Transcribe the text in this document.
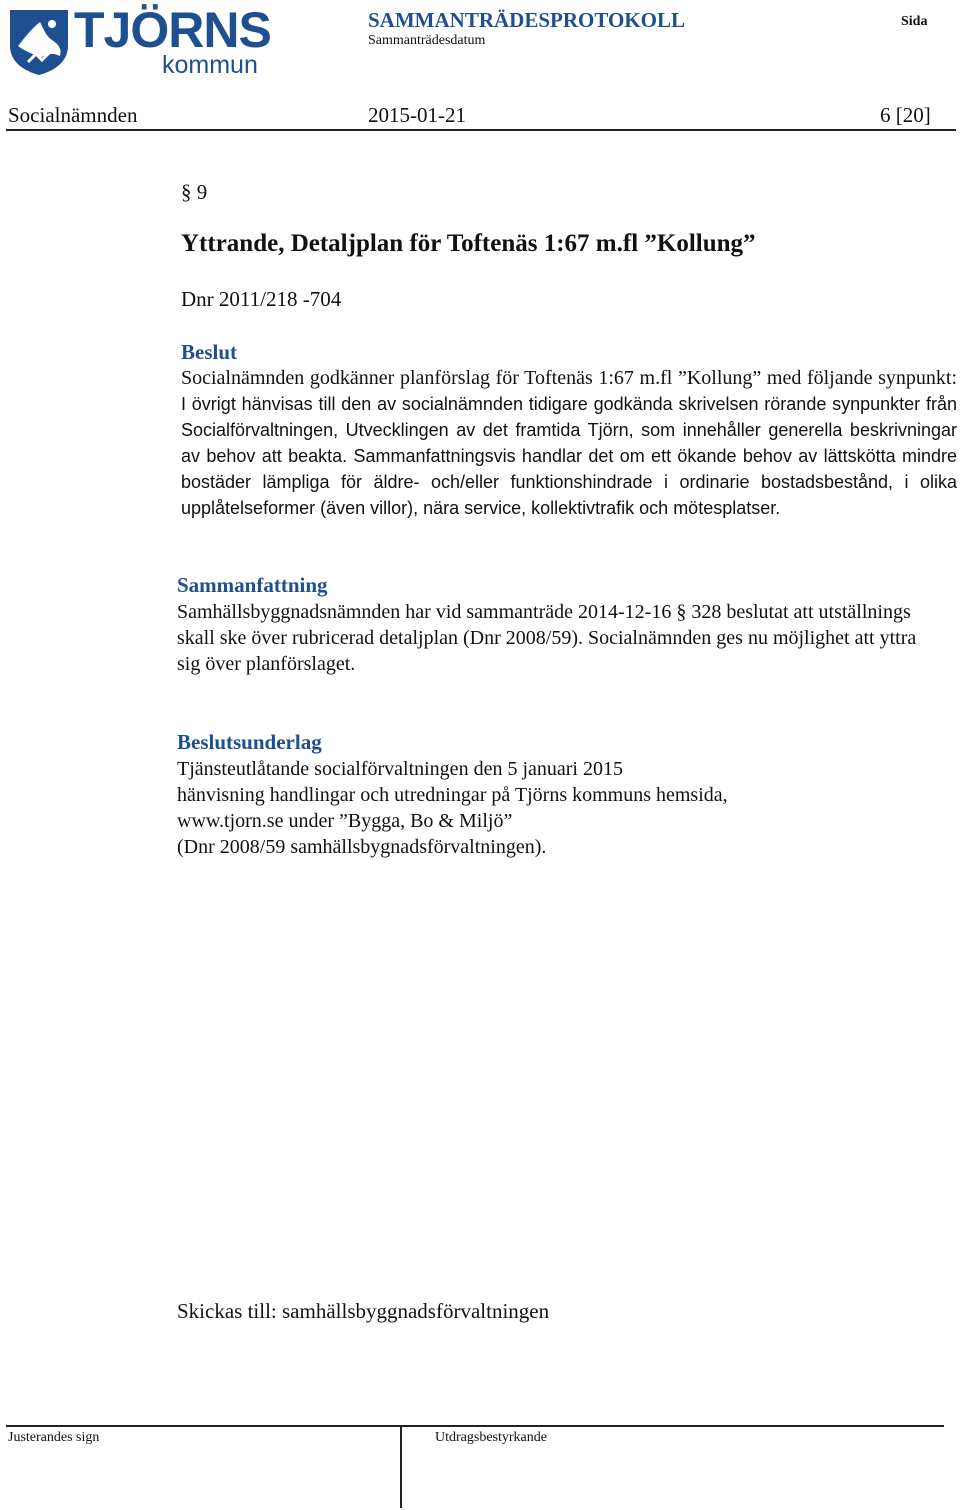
TJÖRNS
kommun
SAMMANTRÄDESPROTOKOLL
Sammanträdesdatum
Sida
Socialnämnden	2015-01-21	6 [20]
§ 9
Yttrande, Detaljplan för Toftenäs 1:67 m.fl ”Kollung”
Dnr 2011/218 -704
Beslut
Socialnämnden godkänner planförslag för Toftenäs 1:67 m.fl ”Kollung” med följande synpunkt: I övrigt hänvisas till den av socialnämnden tidigare godkända skrivelsen rörande synpunkter från Socialförvaltningen, Utvecklingen av det framtida Tjörn, som innehåller generella beskrivningar av behov att beakta. Sammanfattningsvis handlar det om ett ökande behov av lättskötta mindre bostäder lämpliga för äldre- och/eller funktionshindrade i ordinarie bostadsbestånd, i olika upplåtelseformer (även villor), nära service, kollektivtrafik och mötesplatser.
Sammanfattning
Samhällsbyggnadsnämnden har vid sammanträde 2014-12-16 § 328 beslutat att utställnings skall ske över rubricerad detaljplan (Dnr 2008/59). Socialnämnden ges nu möjlighet att yttra sig över planförslaget.
Beslutsunderlag
Tjänsteutlåtande socialförvaltningen den 5 januari 2015
hänvisning handlingar och utredningar på Tjörns kommuns hemsida,
www.tjorn.se under ”Bygga, Bo & Miljö”
(Dnr 2008/59 samhällsbygnadsförvaltningen).
Skickas till: samhällsbyggnadsförvaltningen
Justerandes sign	Utdragsbestyrkande
